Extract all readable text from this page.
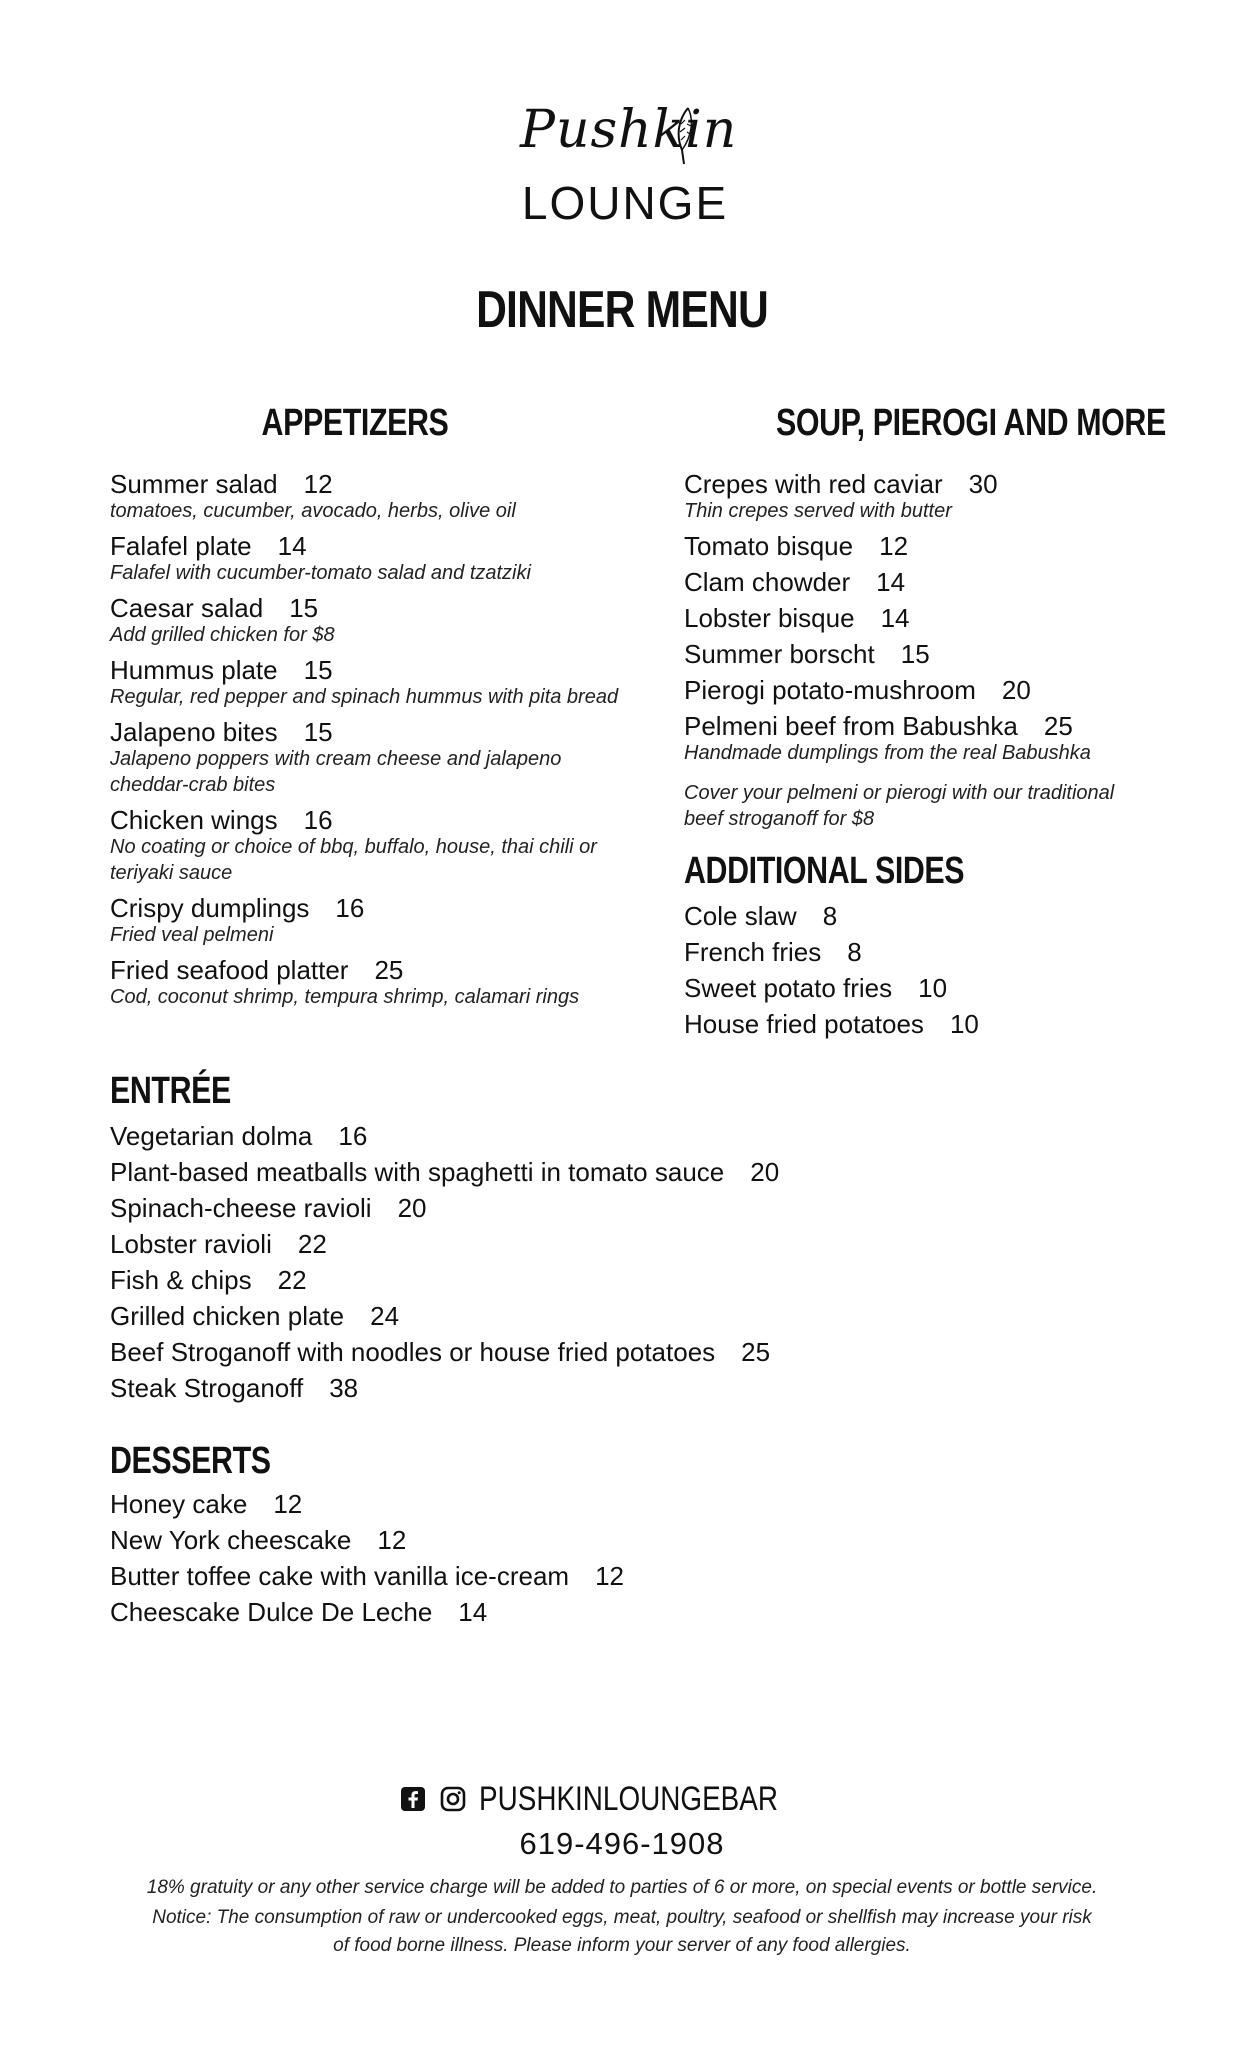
Pushkin
LOUNGE
DINNER MENU
APPETIZERS
Summer salad 12
tomatoes, cucumber, avocado, herbs, olive oil
Falafel plate 14
Falafel with cucumber-tomato salad and tzatziki
Caesar salad 15
Add grilled chicken for $8
Hummus plate 15
Regular, red pepper and spinach hummus with pita bread
Jalapeno bites 15
Jalapeno poppers with cream cheese and jalapeno cheddar-crab bites
Chicken wings 16
No coating or choice of bbq, buffalo, house, thai chili or teriyaki sauce
Crispy dumplings 16
Fried veal pelmeni
Fried seafood platter 25
Cod, coconut shrimp, tempura shrimp, calamari rings
SOUP, PIEROGI AND MORE
Crepes with red caviar 30
Thin crepes served with butter
Tomato bisque 12
Clam chowder 14
Lobster bisque 14
Summer borscht 15
Pierogi potato-mushroom 20
Pelmeni beef from Babushka 25
Handmade dumplings from the real Babushka
Cover your pelmeni or pierogi with our traditional beef stroganoff for $8
ADDITIONAL SIDES
Cole slaw 8
French fries 8
Sweet potato fries 10
House fried potatoes 10
ENTRÉE
Vegetarian dolma 16
Plant-based meatballs with spaghetti in tomato sauce 20
Spinach-cheese ravioli 20
Lobster ravioli 22
Fish & chips 22
Grilled chicken plate 24
Beef Stroganoff with noodles or house fried potatoes 25
Steak Stroganoff 38
DESSERTS
Honey cake 12
New York cheescake 12
Butter toffee cake with vanilla ice-cream 12
Cheescake Dulce De Leche 14
PUSHKINLOUNGEBAR
619-496-1908
18% gratuity or any other service charge will be added to parties of 6 or more, on special events or bottle service.
Notice: The consumption of raw or undercooked eggs, meat, poultry, seafood or shellfish may increase your risk
of food borne illness. Please inform your server of any food allergies.
